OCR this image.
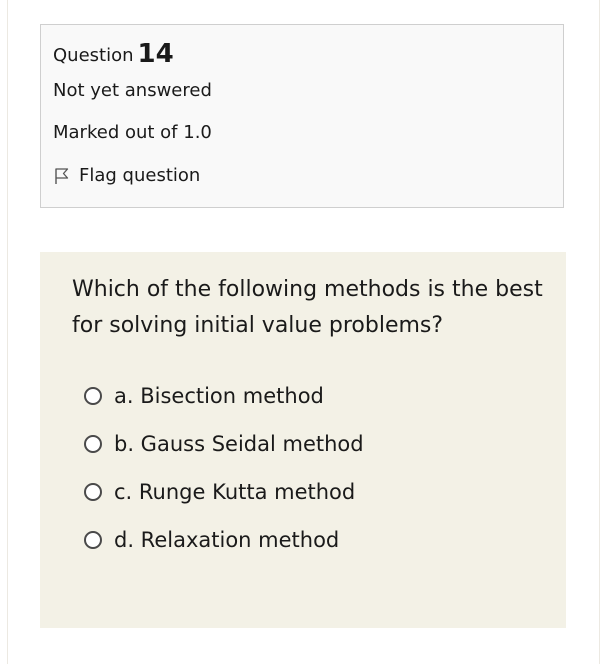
Question 14
Not yet answered
Marked out of 1.0
Flag question

Which of the following methods is the best for solving initial value problems?

a. Bisection method
b. Gauss Seidal method
c. Runge Kutta method
d. Relaxation method
